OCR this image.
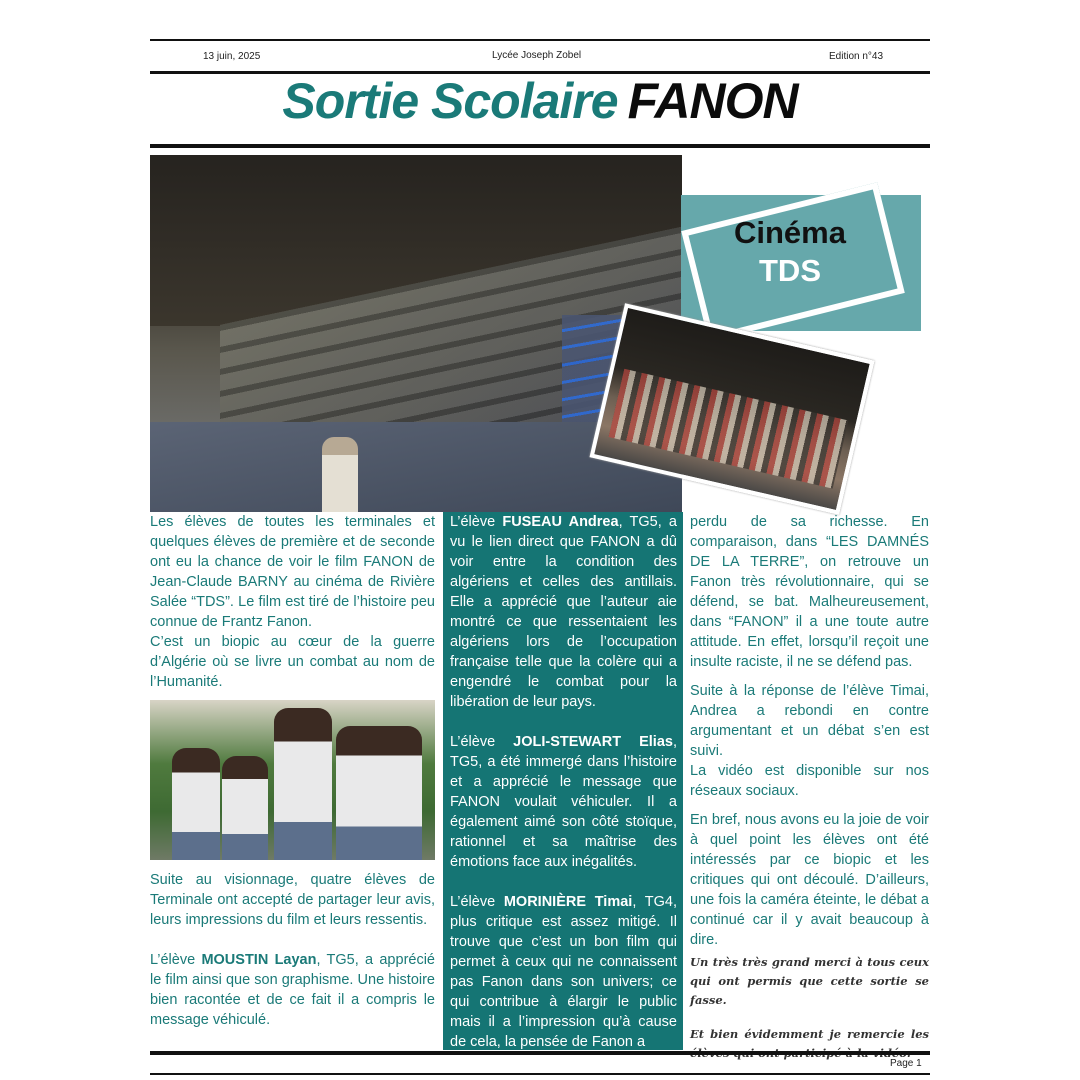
13 juin, 2025	Lycée Joseph Zobel	Edition n°43
Sortie Scolaire FANON
Cinéma
TDS

Les élèves de toutes les terminales et quelques élèves de première et de seconde ont eu la chance de voir le film FANON de Jean-Claude BARNY au cinéma de Rivière Salée “TDS”. Le film est tiré de l’histoire peu connue de Frantz Fanon.

C’est un biopic au cœur de la guerre d’Algérie où se livre un combat au nom de l’Humanité.

Suite au visionnage, quatre élèves de Terminale ont accepté de partager leur avis, leurs impressions du film et leurs ressentis.

L’élève MOUSTIN Layan, TG5, a apprécié le film ainsi que son graphisme. Une histoire bien racontée et de ce fait il a compris le message véhiculé.

L’élève FUSEAU Andrea, TG5, a vu le lien direct que FANON a dû voir entre la condition des algériens et celles des antillais. Elle a apprécié que l’auteur aie montré ce que ressentaient les algériens lors de l’occupation française telle que la colère qui a engendré le combat pour la libération de leur pays.

L’élève JOLI-STEWART Elias, TG5, a été immergé dans l’histoire et a apprécié le message que FANON voulait véhiculer. Il a également aimé son côté stoïque, rationnel et sa maîtrise des émotions face aux inégalités.

L’élève MORINIÈRE Timai, TG4, plus critique est assez mitigé. Il trouve que c’est un bon film qui permet à ceux qui ne connaissent pas Fanon dans son univers; ce qui contribue à élargir le public mais il a l’impression qu’à cause de cela, la pensée de Fanon a

perdu de sa richesse. En comparaison, dans “LES DAMNÉS DE LA TERRE”, on retrouve un Fanon très révolutionnaire, qui se défend, se bat. Malheureusement, dans “FANON” il a une toute autre attitude. En effet, lorsqu’il reçoit une insulte raciste, il ne se défend pas.

Suite à la réponse de l’élève Timai, Andrea a rebondi en contre argumentant et un débat s’en est suivi.

La vidéo est disponible sur nos réseaux sociaux.

En bref, nous avons eu la joie de voir à quel point les élèves ont été intéressés par ce biopic et les critiques qui ont découlé. D’ailleurs, une fois la caméra éteinte, le débat a continué car il y avait beaucoup à dire.

Un très très grand merci à tous ceux qui ont permis que cette sortie se fasse.

Et bien évidemment je remercie les

Page 1
